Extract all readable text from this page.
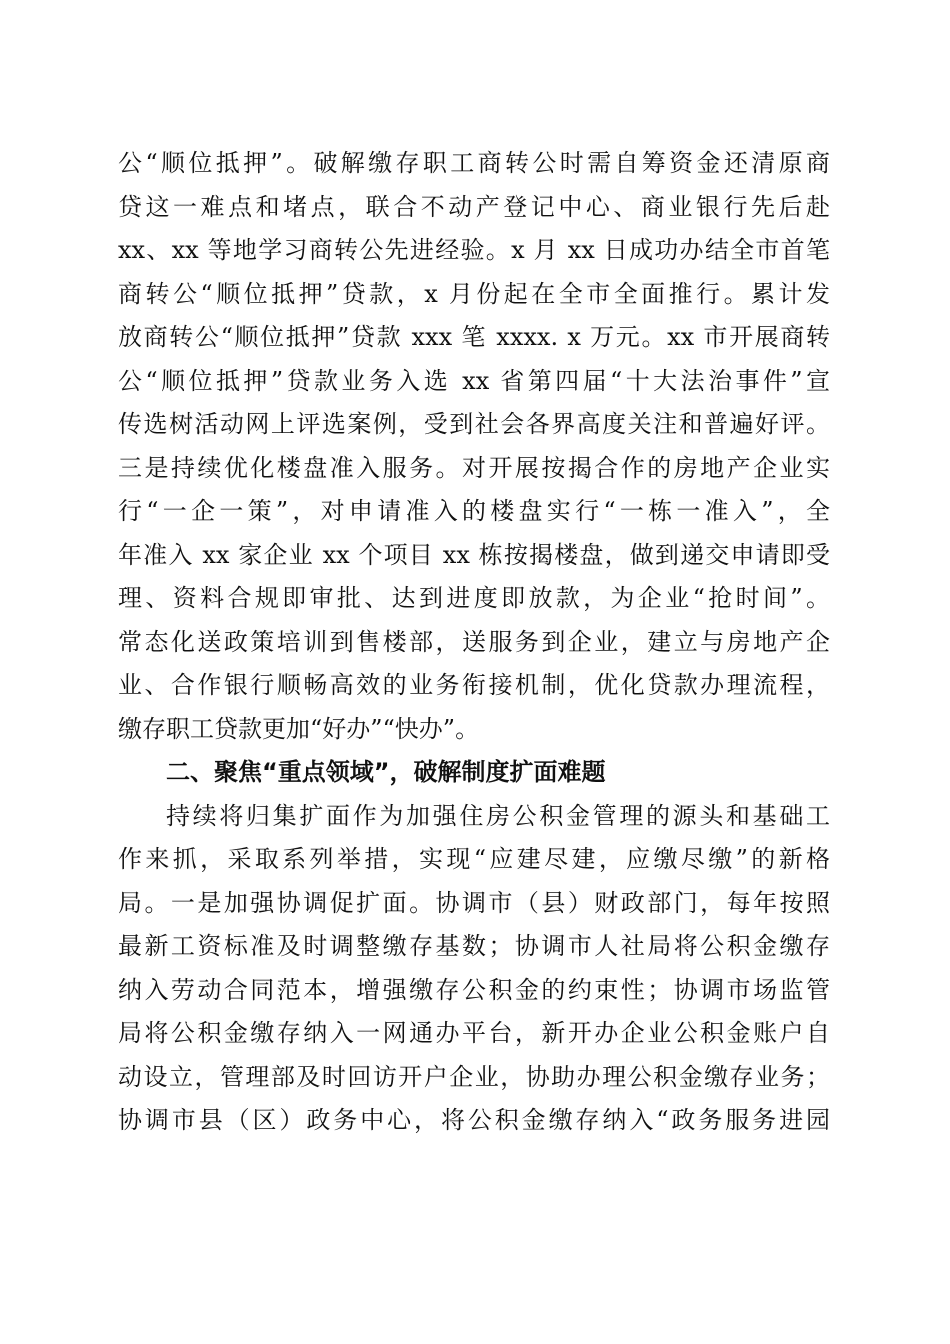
公“顺位抵押”。破解缴存职工商转公时需自筹资金还清原商
贷这一难点和堵点，联合不动产登记中心、商业银行先后赴
xx、xx 等地学习商转公先进经验。x 月 xx 日成功办结全市首笔
商转公“顺位抵押”贷款，x 月份起在全市全面推行。累计发
放商转公“顺位抵押”贷款 xxx 笔 xxxx. x 万元。xx 市开展商转
公“顺位抵押”贷款业务入选 xx 省第四届“十大法治事件”宣
传选树活动网上评选案例，受到社会各界高度关注和普遍好评。
三是持续优化楼盘准入服务。对开展按揭合作的房地产企业实
行“一企一策”，对申请准入的楼盘实行“一栋一准入”，全
年准入 xx 家企业 xx 个项目 xx 栋按揭楼盘，做到递交申请即受
理、资料合规即审批、达到进度即放款，为企业“抢时间”。
常态化送政策培训到售楼部，送服务到企业，建立与房地产企
业、合作银行顺畅高效的业务衔接机制，优化贷款办理流程，
缴存职工贷款更加“好办”“快办”。
二、聚焦“重点领域”，破解制度扩面难题
持续将归集扩面作为加强住房公积金管理的源头和基础工
作来抓，采取系列举措，实现“应建尽建，应缴尽缴”的新格
局。一是加强协调促扩面。协调市（县）财政部门，每年按照
最新工资标准及时调整缴存基数；协调市人社局将公积金缴存
纳入劳动合同范本，增强缴存公积金的约束性；协调市场监管
局将公积金缴存纳入一网通办平台，新开办企业公积金账户自
动设立，管理部及时回访开户企业，协助办理公积金缴存业务；
协调市县（区）政务中心，将公积金缴存纳入“政务服务进园
